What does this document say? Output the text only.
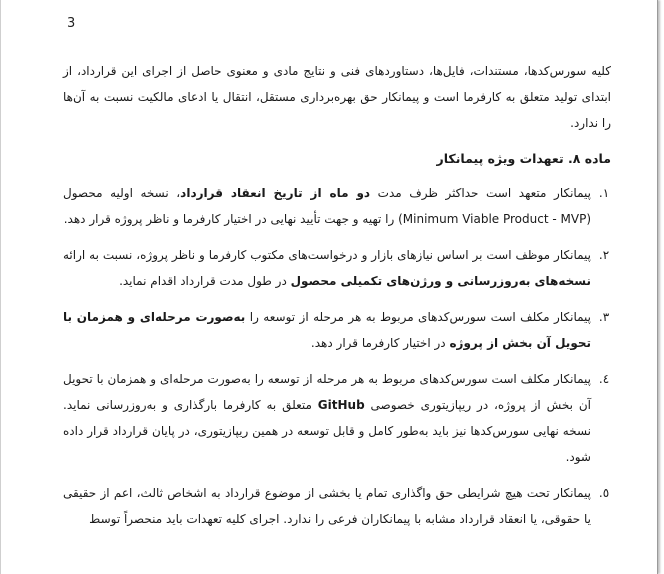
3

کلیه سورس‌کدها، مستندات، فایل‌ها، دستاوردهای فنی و نتایج مادی و معنوی حاصل از اجرای این قرارداد، از ابتدای تولید متعلق به کارفرما است و پیمانکار حق بهره‌برداری مستقل، انتقال یا ادعای مالکیت نسبت به آن‌ها را ندارد.

ماده ۸. تعهدات ویژه پیمانکار

۱.
پیمانکار متعهد است حداکثر ظرف مدت دو ماه از تاریخ انعقاد قرارداد، نسخه اولیه محصول (Minimum Viable Product - MVP) را تهیه و جهت تأیید نهایی در اختیار کارفرما و ناظر پروژه قرار دهد.
۲.
پیمانکار موظف است بر اساس نیازهای بازار و درخواست‌های مکتوب کارفرما و ناظر پروژه، نسبت به ارائه نسخه‌های به‌روزرسانی و ورژن‌های تکمیلی محصول در طول مدت قرارداد اقدام نماید.
۳.
پیمانکار مکلف است سورس‌کدهای مربوط به هر مرحله از توسعه را به‌صورت مرحله‌ای و همزمان با تحویل آن بخش از پروژه در اختیار کارفرما قرار دهد.
٤.
پیمانکار مکلف است سورس‌کدهای مربوط به هر مرحله از توسعه را به‌صورت مرحله‌ای و همزمان با تحویل آن بخش از پروژه، در ریپازیتوری خصوصی GitHub متعلق به کارفرما بارگذاری و به‌روزرسانی نماید. نسخه نهایی سورس‌کدها نیز باید به‌طور کامل و قابل توسعه در همین ریپازیتوری، در پایان قرارداد قرار داده شود.
٥.
پیمانکار تحت هیچ شرایطی حق واگذاری تمام یا بخشی از موضوع قرارداد به اشخاص ثالث، اعم از حقیقی یا حقوقی، یا انعقاد قرارداد مشابه با پیمانکاران فرعی را ندارد. اجرای کلیه تعهدات باید منحصراً توسط
